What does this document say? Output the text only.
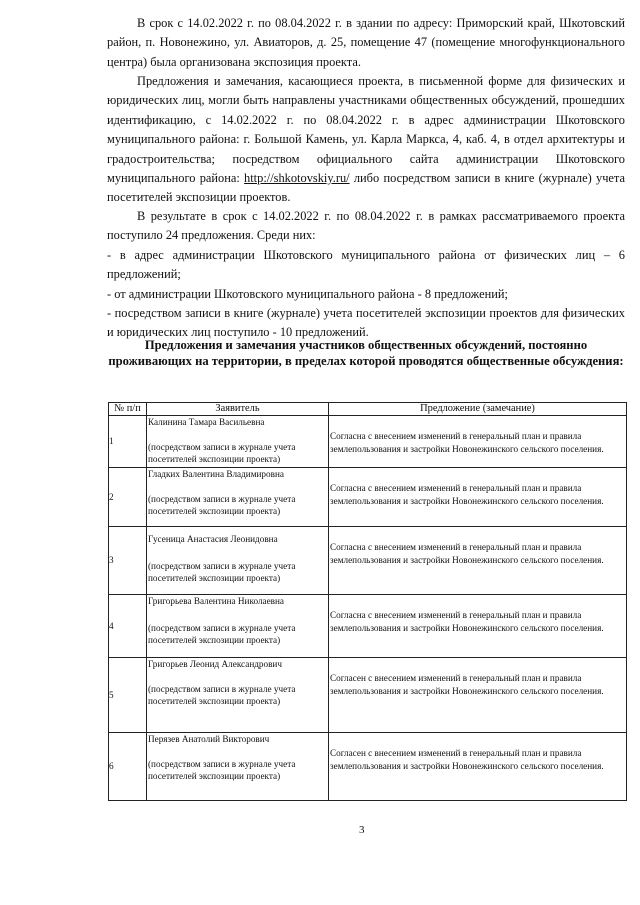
В срок с 14.02.2022 г. по 08.04.2022 г. в здании по адресу: Приморский край, Шкотовский район, п. Новонежино, ул. Авиаторов, д. 25, помещение 47 (помещение многофункционального центра) была организована экспозиция проекта.

Предложения и замечания, касающиеся проекта, в письменной форме для физических и юридических лиц, могли быть направлены участниками общественных обсуждений, прошедших идентификацию, с 14.02.2022 г. по 08.04.2022 г. в адрес администрации Шкотовского муниципального района: г. Большой Камень, ул. Карла Маркса, 4, каб. 4, в отдел архитектуры и градостроительства; посредством официального сайта администрации Шкотовского муниципального района: http://shkotovskiy.ru/ либо посредством записи в книге (журнале) учета посетителей экспозиции проектов.

В результате в срок с 14.02.2022 г. по 08.04.2022 г. в рамках рассматриваемого проекта поступило 24 предложения. Среди них:

- в адрес администрации Шкотовского муниципального района от физических лиц – 6 предложений;

- от администрации Шкотовского муниципального района - 8 предложений;

- посредством записи в книге (журнале) учета посетителей экспозиции проектов для физических и юридических лиц поступило - 10 предложений.

Предложения и замечания участников общественных обсуждений, постоянно проживающих на территории, в пределах которой проводятся общественные обсуждения:

№ п/п	Заявитель	Предложение (замечание)
1	Калинина Тамара Васильевна
(посредством записи в журнале учета посетителей экспозиции проекта)	Согласна с внесением изменений в генеральный план и правила землепользования и застройки Новонежинского сельского поселения.

2	Гладких Валентина Владимировна
(посредством записи в журнале учета посетителей экспозиции проекта)	Согласна с внесением изменений в генеральный план и правила землепользования и застройки Новонежинского сельского поселения.

3	Гусеница Анастасия Леонидовна
(посредством записи в журнале учета посетителей экспозиции проекта)	Согласна с внесением изменений в генеральный план и правила землепользования и застройки Новонежинского сельского поселения.

4	Григорьева Валентина Николаевна
(посредством записи в журнале учета посетителей экспозиции проекта)	Согласна с внесением изменений в генеральный план и правила землепользования и застройки Новонежинского сельского поселения.

5	Григорьев Леонид Александрович
(посредством записи в журнале учета посетителей экспозиции проекта)	Согласен с внесением изменений в генеральный план и правила землепользования и застройки Новонежинского сельского поселения.

6	Перязев Анатолий Викторович
(посредством записи в журнале учета посетителей экспозиции проекта)	Согласен с внесением изменений в генеральный план и правила землепользования и застройки Новонежинского сельского поселения.
3
